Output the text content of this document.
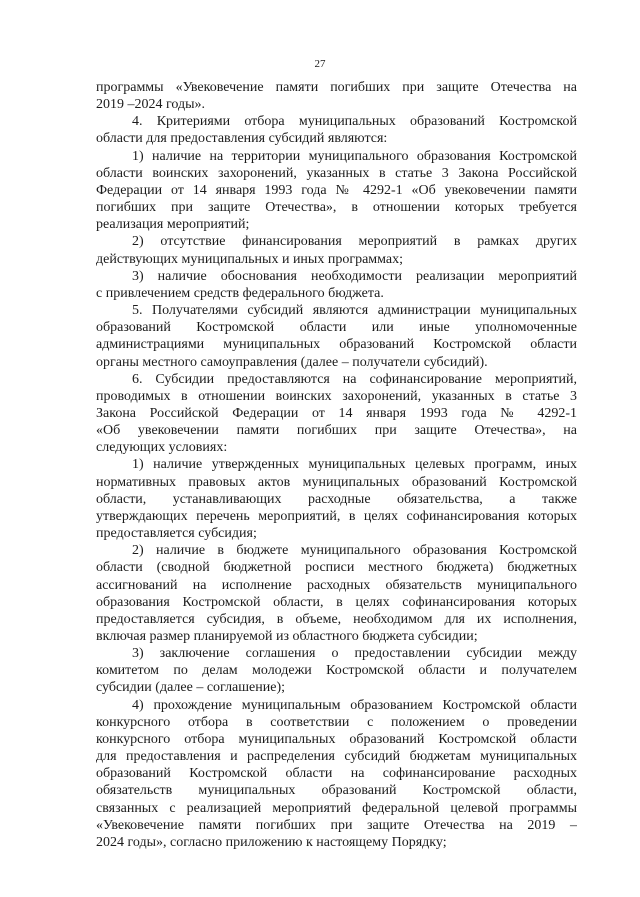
27
программы «Увековечение памяти погибших при защите Отечества на
2019 –2024 годы».
4. Критериями отбора муниципальных образований Костромской
области для предоставления субсидий являются:
1) наличие на территории муниципального образования Костромской
области воинских захоронений, указанных в статье 3 Закона Российской
Федерации от 14 января 1993 года № 4292-1 «Об увековечении памяти
погибших при защите Отечества», в отношении которых требуется
реализация мероприятий;
2) отсутствие финансирования мероприятий в рамках других
действующих муниципальных и иных программах;
3) наличие обоснования необходимости реализации мероприятий
с привлечением средств федерального бюджета.
5. Получателями субсидий являются администрации муниципальных
образований Костромской области или иные уполномоченные
администрациями муниципальных образований Костромской области
органы местного самоуправления (далее – получатели субсидий).
6. Субсидии предоставляются на софинансирование мероприятий,
проводимых в отношении воинских захоронений, указанных в статье 3
Закона Российской Федерации от 14 января 1993 года № 4292-1
«Об увековечении памяти погибших при защите Отечества», на
следующих условиях:
1) наличие утвержденных муниципальных целевых программ, иных
нормативных правовых актов муниципальных образований Костромской
области, устанавливающих расходные обязательства, а также
утверждающих перечень мероприятий, в целях софинансирования которых
предоставляется субсидия;
2) наличие в бюджете муниципального образования Костромской
области (сводной бюджетной росписи местного бюджета) бюджетных
ассигнований на исполнение расходных обязательств муниципального
образования Костромской области, в целях софинансирования которых
предоставляется субсидия, в объеме, необходимом для их исполнения,
включая размер планируемой из областного бюджета субсидии;
3) заключение соглашения о предоставлении субсидии между
комитетом по делам молодежи Костромской области и получателем
субсидии (далее – соглашение);
4) прохождение муниципальным образованием Костромской области
конкурсного отбора в соответствии с положением о проведении
конкурсного отбора муниципальных образований Костромской области
для предоставления и распределения субсидий бюджетам муниципальных
образований Костромской области на софинансирование расходных
обязательств муниципальных образований Костромской области,
связанных с реализацией мероприятий федеральной целевой программы
«Увековечение памяти погибших при защите Отечества на 2019 –
2024 годы», согласно приложению к настоящему Порядку;
